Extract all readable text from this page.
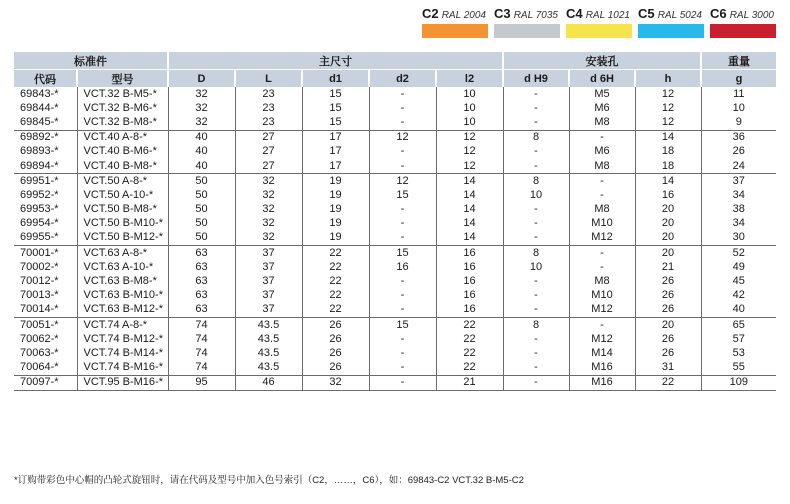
C2 RAL 2004 C3 RAL 7035 C4 RAL 1021 C5 RAL 5024 C6 RAL 3000
标准件		主尺寸					安装孔			重量
代码	型号	D	L	d1	d2	l2	d H9	d 6H	h	g
69843-*	VCT.32 B-M5-*	32	23	15	-	10	-	M5	12	11
69844-*	VCT.32 B-M6-*	32	23	15	-	10	-	M6	12	10
69845-*	VCT.32 B-M8-*	32	23	15	-	10	-	M8	12	9
69892-*	VCT.40 A-8-*	40	27	17	12	12	8	-	14	36
69893-*	VCT.40 B-M6-*	40	27	17	-	12	-	M6	18	26
69894-*	VCT.40 B-M8-*	40	27	17	-	12	-	M8	18	24
69951-*	VCT.50 A-8-*	50	32	19	12	14	8	-	14	37
69952-*	VCT.50 A-10-*	50	32	19	15	14	10	-	16	34
69953-*	VCT.50 B-M8-*	50	32	19	-	14	-	M8	20	38
69954-*	VCT.50 B-M10-*	50	32	19	-	14	-	M10	20	34
69955-*	VCT.50 B-M12-*	50	32	19	-	14	-	M12	20	30
70001-*	VCT.63 A-8-*	63	37	22	15	16	8	-	20	52
70002-*	VCT.63 A-10-*	63	37	22	16	16	10	-	21	49
70012-*	VCT.63 B-M8-*	63	37	22	-	16	-	M8	26	45
70013-*	VCT.63 B-M10-*	63	37	22	-	16	-	M10	26	42
70014-*	VCT.63 B-M12-*	63	37	22	-	16	-	M12	26	40
70051-*	VCT.74 A-8-*	74	43.5	26	15	22	8	-	20	65
70062-*	VCT.74 B-M12-*	74	43.5	26	-	22	-	M12	26	57
70063-*	VCT.74 B-M14-*	74	43.5	26	-	22	-	M14	26	53
70064-*	VCT.74 B-M16-*	74	43.5	26	-	22	-	M16	31	55
70097-*	VCT.95 B-M16-*	95	46	32	-	21	-	M16	22	109
*订购带彩色中心帽的凸轮式旋钮时，请在代码及型号中加入色号索引（C2，……，C6），如：69843-C2 VCT.32 B-M5-C2
